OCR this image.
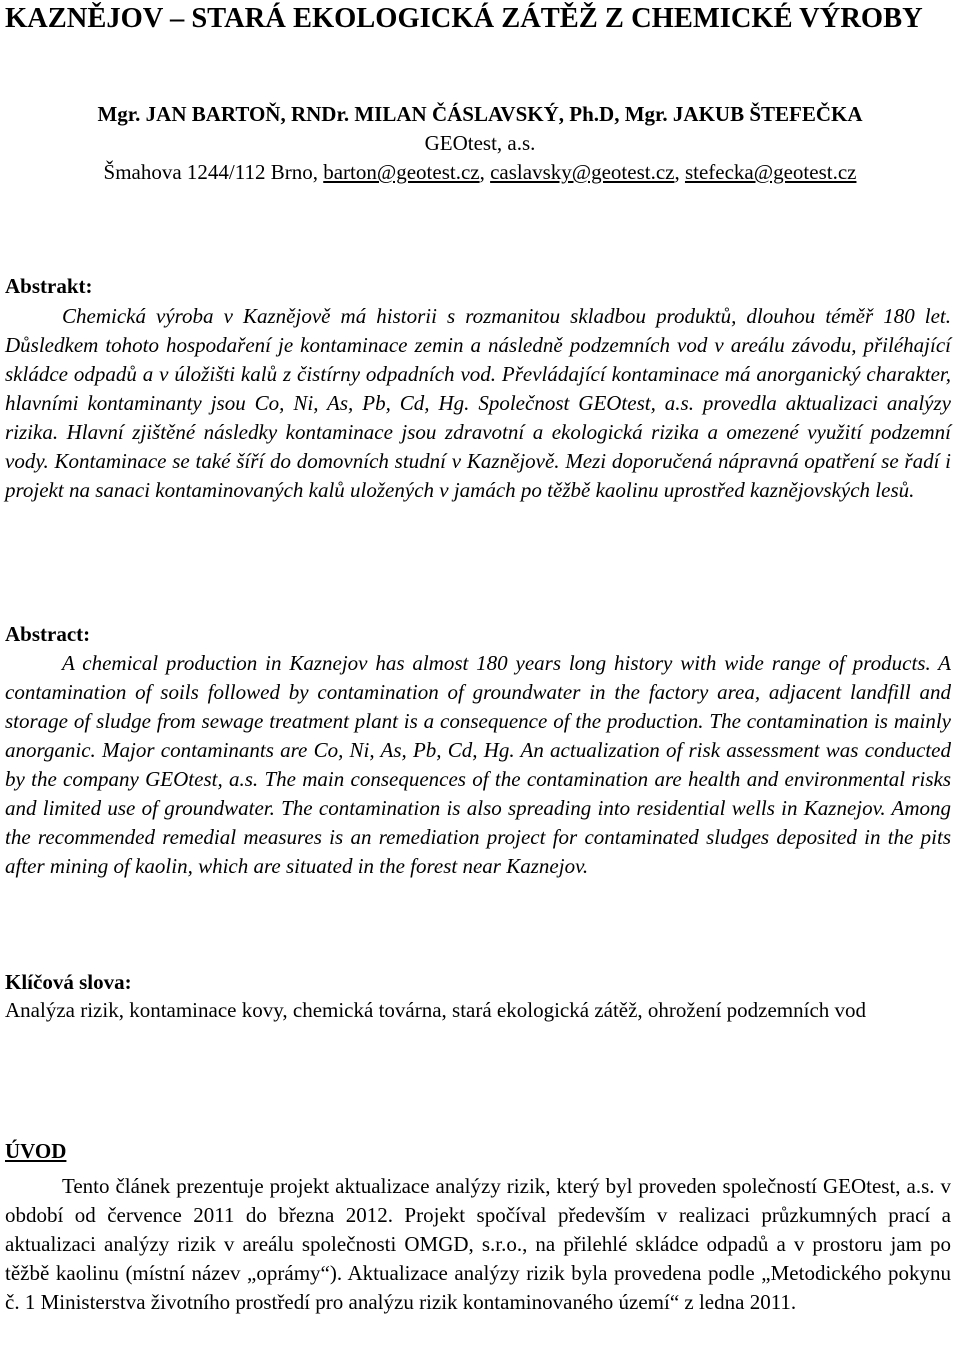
KAZNĚJOV – STARÁ EKOLOGICKÁ ZÁTĚŽ Z CHEMICKÉ VÝROBY
Mgr. JAN BARTOŇ, RNDr. MILAN ČÁSLAVSKÝ, Ph.D, Mgr. JAKUB ŠTEFEČKA
GEOtest, a.s.
Šmahova 1244/112 Brno, barton@geotest.cz, caslavsky@geotest.cz, stefecka@geotest.cz
Abstrakt:
Chemická výroba v Kaznějově má historii s rozmanitou skladbou produktů, dlouhou téměř 180 let. Důsledkem tohoto hospodaření je kontaminace zemin a následně podzemních vod v areálu závodu, přiléhající skládce odpadů a v úložišti kalů z čistírny odpadních vod. Převládající kontaminace má anorganický charakter, hlavními kontaminanty jsou Co, Ni, As, Pb, Cd, Hg. Společnost GEOtest, a.s. provedla aktualizaci analýzy rizika. Hlavní zjištěné následky kontaminace jsou zdravotní a ekologická rizika a omezené využití podzemní vody. Kontaminace se také šíří do domovních studní v Kaznějově. Mezi doporučená nápravná opatření se řadí i projekt na sanaci kontaminovaných kalů uložených v jamách po těžbě kaolinu uprostřed kaznějovských lesů.
Abstract:
A chemical production in Kaznejov has almost 180 years long history with wide range of products. A contamination of soils followed by contamination of groundwater in the factory area, adjacent landfill and storage of sludge from sewage treatment plant is a consequence of the production. The contamination is mainly anorganic. Major contaminants are Co, Ni, As, Pb, Cd, Hg. An actualization of risk assessment was conducted by the company GEOtest, a.s. The main consequences of the contamination are health and environmental risks and limited use of groundwater. The contamination is also spreading into residential wells in Kaznejov. Among the recommended remedial measures is an remediation project for contaminated sludges deposited in the pits after mining of kaolin, which are situated in the forest near Kaznejov.
Klíčová slova:
Analýza rizik, kontaminace kovy, chemická továrna, stará ekologická zátěž, ohrožení podzemních vod
ÚVOD
Tento článek prezentuje projekt aktualizace analýzy rizik, který byl proveden společností GEOtest, a.s. v období od července 2011 do března 2012. Projekt spočíval především v realizaci průzkumných prací a aktualizaci analýzy rizik v areálu společnosti OMGD, s.r.o., na přilehlé skládce odpadů a v prostoru jam po těžbě kaolinu (místní název „oprámy“). Aktualizace analýzy rizik byla provedena podle „Metodického pokynu č. 1 Ministerstva životního prostředí pro analýzu rizik kontaminovaného území“ z ledna 2011.
